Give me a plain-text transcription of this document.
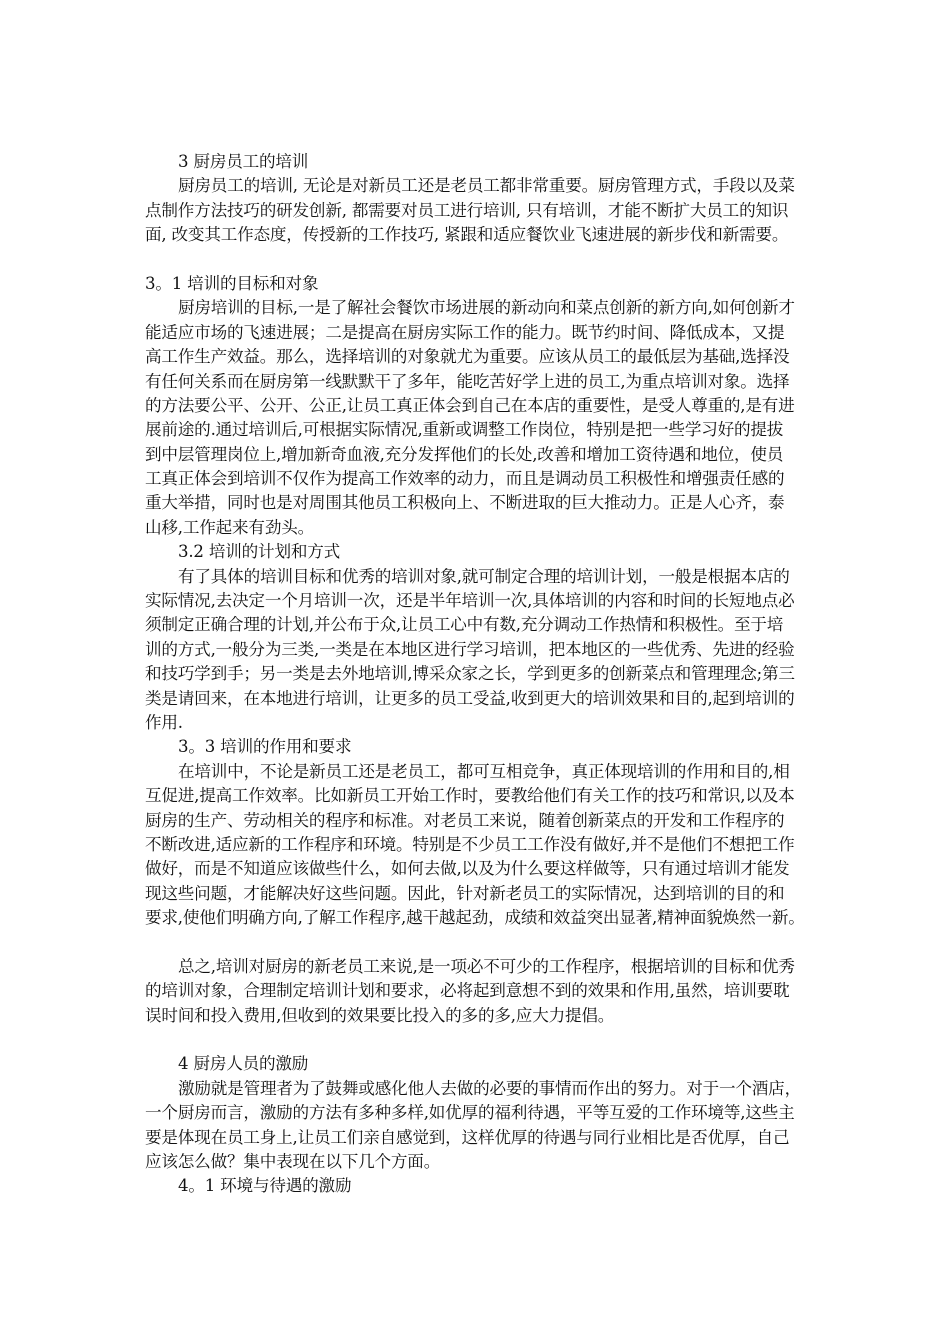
3 厨房员工的培训
厨房员工的培训, 无论是对新员工还是老员工都非常重要。厨房管理方式，手段以及菜
点制作方法技巧的研发创新, 都需要对员工进行培训, 只有培训，才能不断扩大员工的知识
面, 改变其工作态度，传授新的工作技巧, 紧跟和适应餐饮业飞速进展的新步伐和新需要。
3。1 培训的目标和对象
厨房培训的目标,一是了解社会餐饮市场进展的新动向和菜点创新的新方向,如何创新才
能适应市场的飞速进展；二是提高在厨房实际工作的能力。既节约时间、降低成本，又提
高工作生产效益。那么，选择培训的对象就尤为重要。应该从员工的最低层为基础,选择没
有任何关系而在厨房第一线默默干了多年，能吃苦好学上进的员工,为重点培训对象。选择
的方法要公平、公开、公正,让员工真正体会到自己在本店的重要性，是受人尊重的,是有进
展前途的.通过培训后,可根据实际情况,重新或调整工作岗位，特别是把一些学习好的提拔
到中层管理岗位上,增加新奇血液,充分发挥他们的长处,改善和增加工资待遇和地位，使员
工真正体会到培训不仅作为提高工作效率的动力，而且是调动员工积极性和增强责任感的
重大举措，同时也是对周围其他员工积极向上、不断进取的巨大推动力。正是人心齐，泰
山移,工作起来有劲头。
3.2 培训的计划和方式
有了具体的培训目标和优秀的培训对象,就可制定合理的培训计划，一般是根据本店的
实际情况,去决定一个月培训一次，还是半年培训一次,具体培训的内容和时间的长短地点必
须制定正确合理的计划,并公布于众,让员工心中有数,充分调动工作热情和积极性。至于培
训的方式,一般分为三类,一类是在本地区进行学习培训，把本地区的一些优秀、先进的经验
和技巧学到手；另一类是去外地培训,博采众家之长，学到更多的创新菜点和管理理念;第三
类是请回来，在本地进行培训，让更多的员工受益,收到更大的培训效果和目的,起到培训的
作用.
3。3 培训的作用和要求
在培训中，不论是新员工还是老员工，都可互相竞争，真正体现培训的作用和目的,相
互促进,提高工作效率。比如新员工开始工作时，要教给他们有关工作的技巧和常识,以及本
厨房的生产、劳动相关的程序和标准。对老员工来说，随着创新菜点的开发和工作程序的
不断改进,适应新的工作程序和环境。特别是不少员工工作没有做好,并不是他们不想把工作
做好，而是不知道应该做些什么，如何去做,以及为什么要这样做等，只有通过培训才能发
现这些问题，才能解决好这些问题。因此，针对新老员工的实际情况，达到培训的目的和
要求,使他们明确方向,了解工作程序,越干越起劲，成绩和效益突出显著,精神面貌焕然一新。
总之,培训对厨房的新老员工来说,是一项必不可少的工作程序，根据培训的目标和优秀
的培训对象，合理制定培训计划和要求，必将起到意想不到的效果和作用,虽然，培训要耽
误时间和投入费用,但收到的效果要比投入的多的多,应大力提倡。
4 厨房人员的激励
激励就是管理者为了鼓舞或感化他人去做的必要的事情而作出的努力。对于一个酒店，
一个厨房而言，激励的方法有多种多样,如优厚的福利待遇，平等互爱的工作环境等,这些主
要是体现在员工身上,让员工们亲自感觉到，这样优厚的待遇与同行业相比是否优厚，自己
应该怎么做？集中表现在以下几个方面。
4。1 环境与待遇的激励
